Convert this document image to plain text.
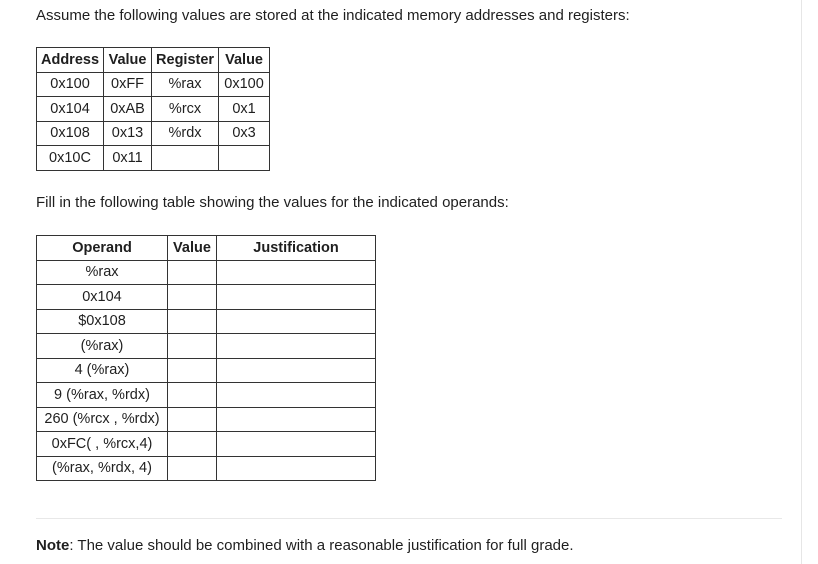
Assume the following values are stored at the indicated memory addresses and registers:

Address	Value	Register	Value
0x100	0xFF	%rax	0x100
0x104	0xAB	%rcx	0x1
0x108	0x13	%rdx	0x3
0x10C	0x11		

Fill in the following table showing the values for the indicated operands:

Operand	Value	Justification
%rax		
0x104		
$0x108		
(%rax)		
4 (%rax)		
9 (%rax, %rdx)		
260 (%rcx , %rdx)		
0xFC( , %rcx,4)		
(%rax, %rdx, 4)		

Note: The value should be combined with a reasonable justification for full grade.
